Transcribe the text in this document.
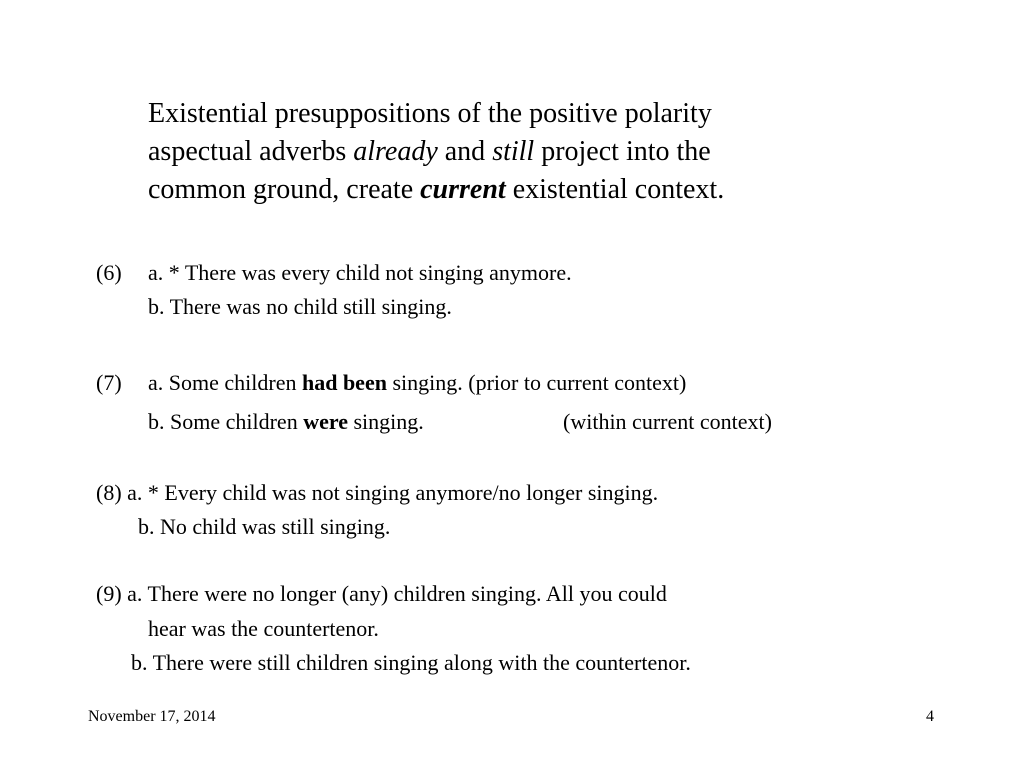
Existential presuppositions of the positive polarity
aspectual adverbs already and still project into the
common ground, create current existential context.
(6) a. * There was every child not singing anymore.
b. There was no child still singing.
(7) a. Some children had been singing. (prior to current context)
b. Some children were singing.	(within current context)
(8) a. * Every child was not singing anymore/no longer singing.
b. No child was still singing.
(9) a. There were no longer (any) children singing. All you could
hear was the countertenor.
b. There were still children singing along with the countertenor.
November 17, 2014	4
